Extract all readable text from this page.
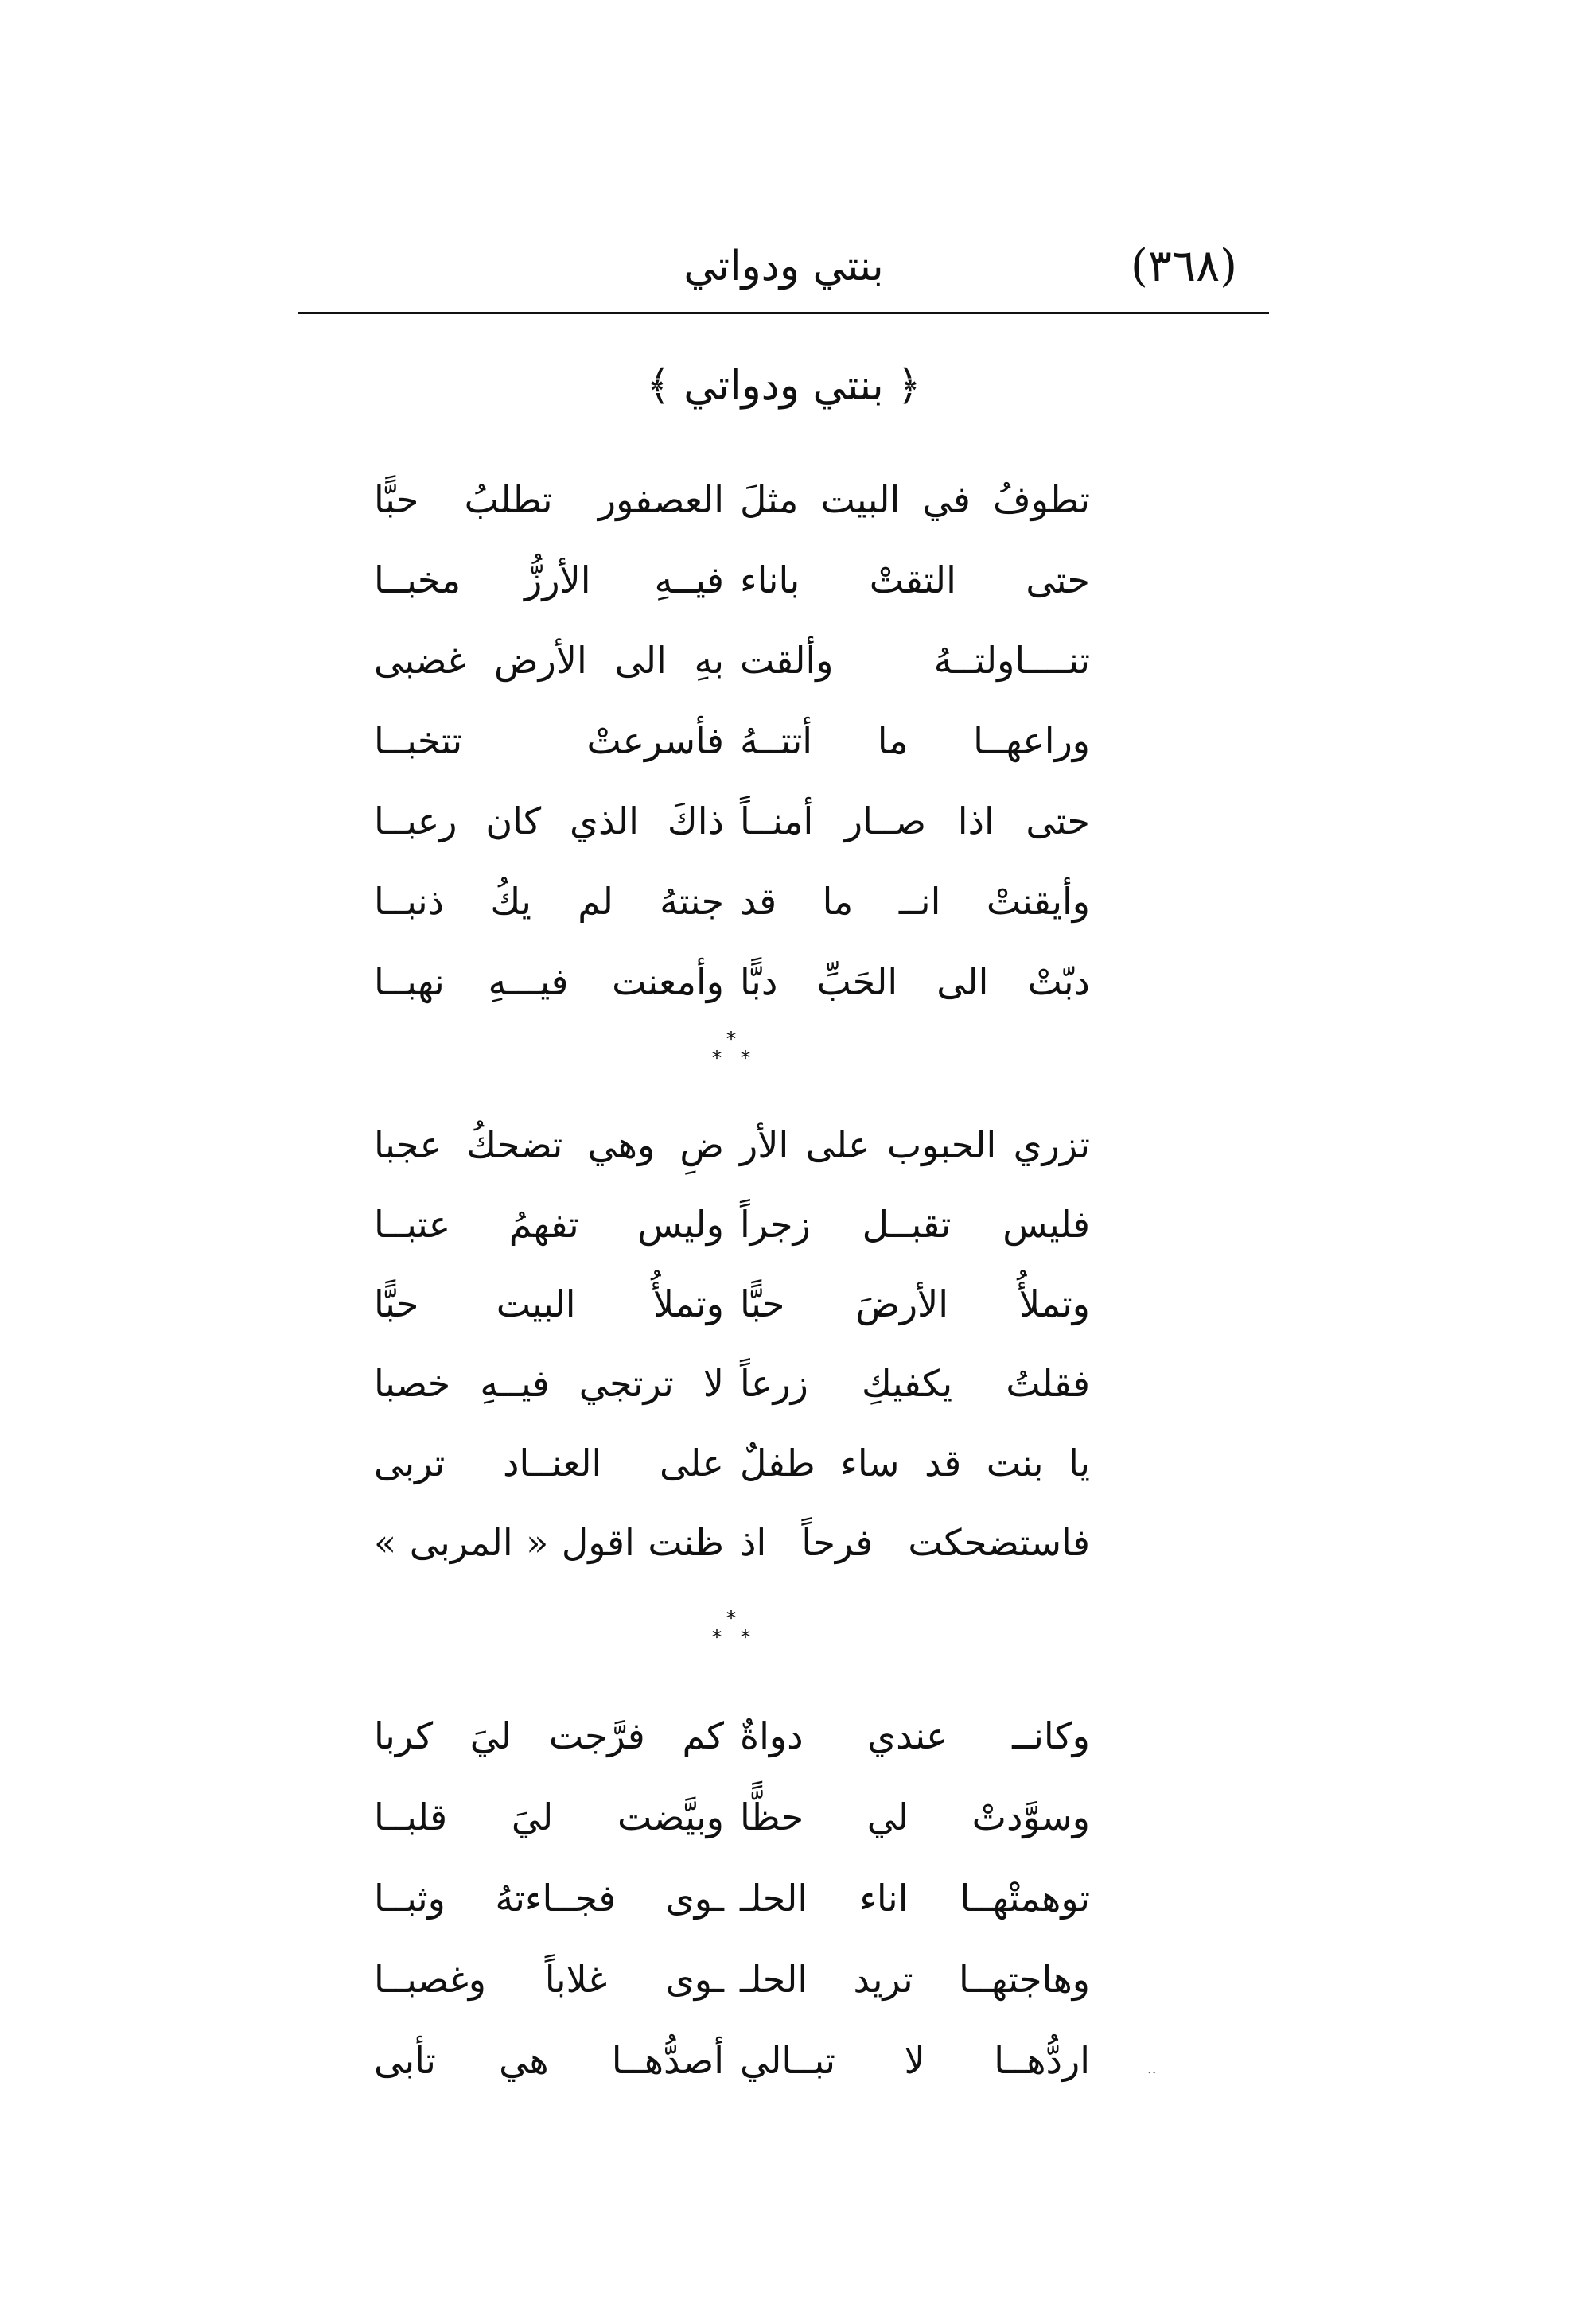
(٣٦٨)
بنتي ودواتي
﴿ بنتي ودواتي ﴾
تطوفُ في البيت مثلَ
العصفور تطلبُ حبًّا
حتى التقتْ باناء
فيــهِ الأرزُّ مخبــا
تنــــاولتــهُ وألقت
بهِ الى الأرض غضبى
وراعهــا ما أتتــهُ
فأسرعتْ تتخبــا
حتى اذا صــار أمنــاً
ذاكَ الذي كان رعبــا
وأيقنتْ انــ ما قد
جنتهُ لم يكُ ذنبــا
دبّتْ الى الحَبِّ دبًّا
وأمعنت فيـــهِ نهبــا
*
* *
تزري الحبوب على الأر
ضِ وهي تضحكُ عجبا
فليس تقبــل زجراً
وليس تفهمُ عتبــا
وتملأُ الأرضَ حبًّا
وتملأُ البيت حبًّا
فقلتُ يكفيكِ زرعاً
لا ترتجي فيــهِ خصبا
يا بنت قد ساء طفلٌ
على العنــاد تربى
فاستضحكت فرحاً اذ
ظنت اقول « المربى »
*
* *
وكانــ عندي دواةٌ
كم فرَّجت ليَ كربا
وسوَّدتْ لي حظًّا
وبيَّضت ليَ قلبــا
توهمتْهــا اناء الحلـ
ـوى فجــاءتهُ وثبــا
وهاجتهــا تريد الحلـ
ـوى غلاباً وغصبــا
اردُّهــا لا تبــالي
أصدُّهــا هي تأبى	..
